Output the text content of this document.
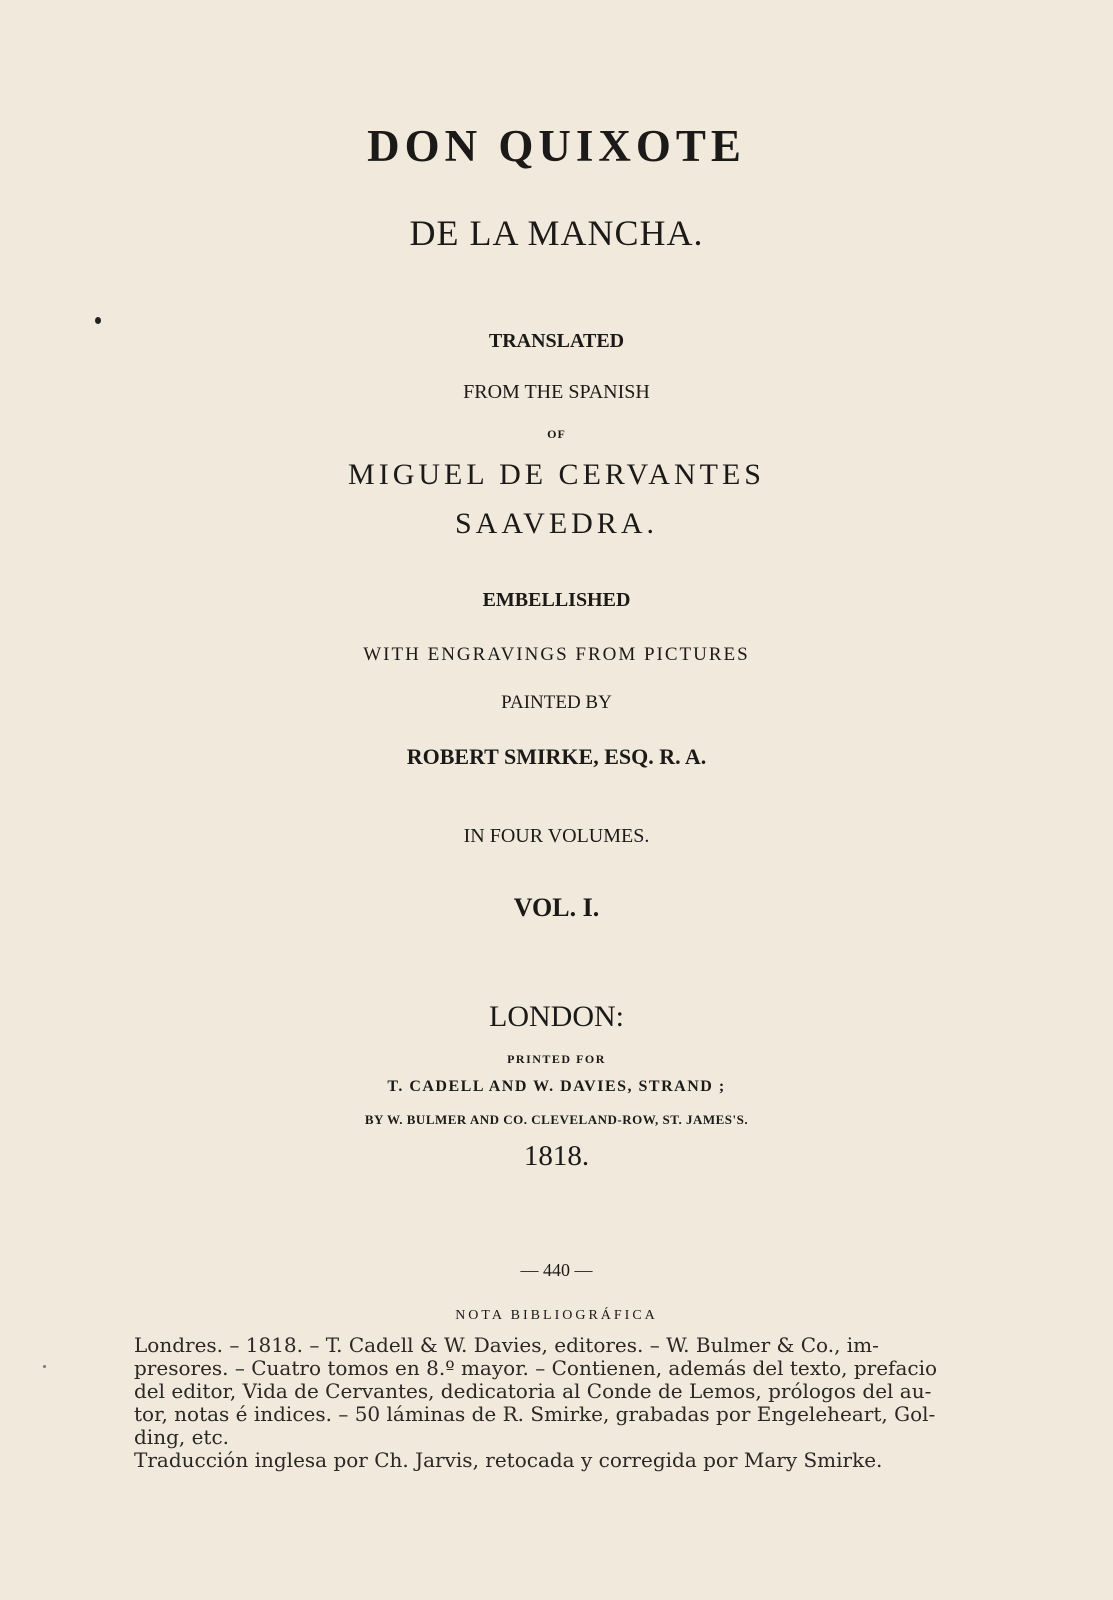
DON QUIXOTE
DE LA MANCHA.
TRANSLATED
FROM THE SPANISH
OF
MIGUEL DE CERVANTES
SAAVEDRA.
EMBELLISHED
WITH ENGRAVINGS FROM PICTURES
PAINTED BY
ROBERT SMIRKE, ESQ. R. A.
IN FOUR VOLUMES.
VOL. I.
LONDON:
PRINTED FOR
T. CADELL AND W. DAVIES, STRAND ;
BY W. BULMER AND CO. CLEVELAND-ROW, ST. JAMES'S.
1818.
— 440 —
NOTA BIBLIOGRÁFICA
Londres. – 1818. – T. Cadell & W. Davies, editores. – W. Bulmer & Co., im-
presores. – Cuatro tomos en 8.º mayor. – Contienen, además del texto, prefacio
del editor, Vida de Cervantes, dedicatoria al Conde de Lemos, prólogos del au-
tor, notas é indices. – 50 láminas de R. Smirke, grabadas por Engeleheart, Gol-
ding, etc.
Traducción inglesa por Ch. Jarvis, retocada y corregida por Mary Smirke.
